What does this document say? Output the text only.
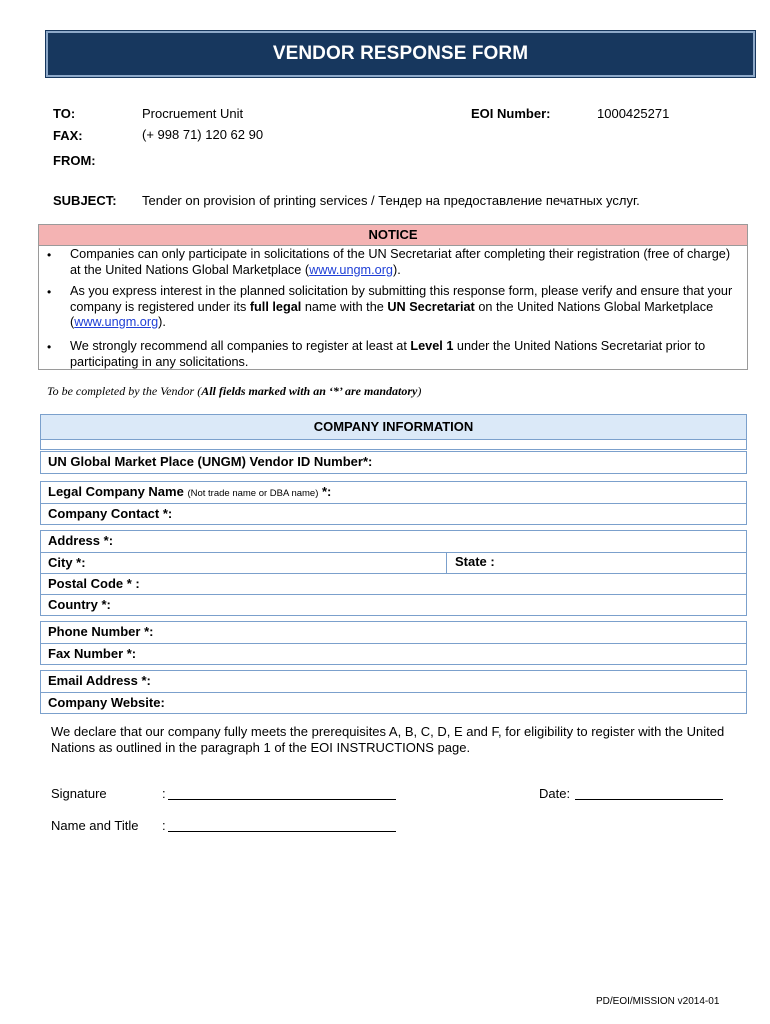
VENDOR RESPONSE FORM
TO:	Procruement Unit	EOI Number:	1000425271
FAX:	(+ 998 71) 120 62 90
FROM:
SUBJECT: Tender on provision of printing services / Тендер на предоставление печатных услуг.
NOTICE
• Companies can only participate in solicitations of the UN Secretariat after completing their registration (free of charge) at the United Nations Global Marketplace (www.ungm.org).
• As you express interest in the planned solicitation by submitting this response form, please verify and ensure that your company is registered under its full legal name with the UN Secretariat on the United Nations Global Marketplace (www.ungm.org).
• We strongly recommend all companies to register at least at Level 1 under the United Nations Secretariat prior to participating in any solicitations.
To be completed by the Vendor (All fields marked with an ‘*’ are mandatory)
COMPANY INFORMATION
UN Global Market Place (UNGM) Vendor ID Number*:
Legal Company Name (Not trade name or DBA name) *:
Company Contact *:
Address *:
City *:	State :
Postal Code * :
Country *:
Phone Number *:
Fax Number *:
Email Address *:
Company Website:
We declare that our company fully meets the prerequisites A, B, C, D, E and F, for eligibility to register with the United Nations as outlined in the paragraph 1 of the EOI INSTRUCTIONS page.
Signature	:	Date:
Name and Title :
PD/EOI/MISSION v2014-01
